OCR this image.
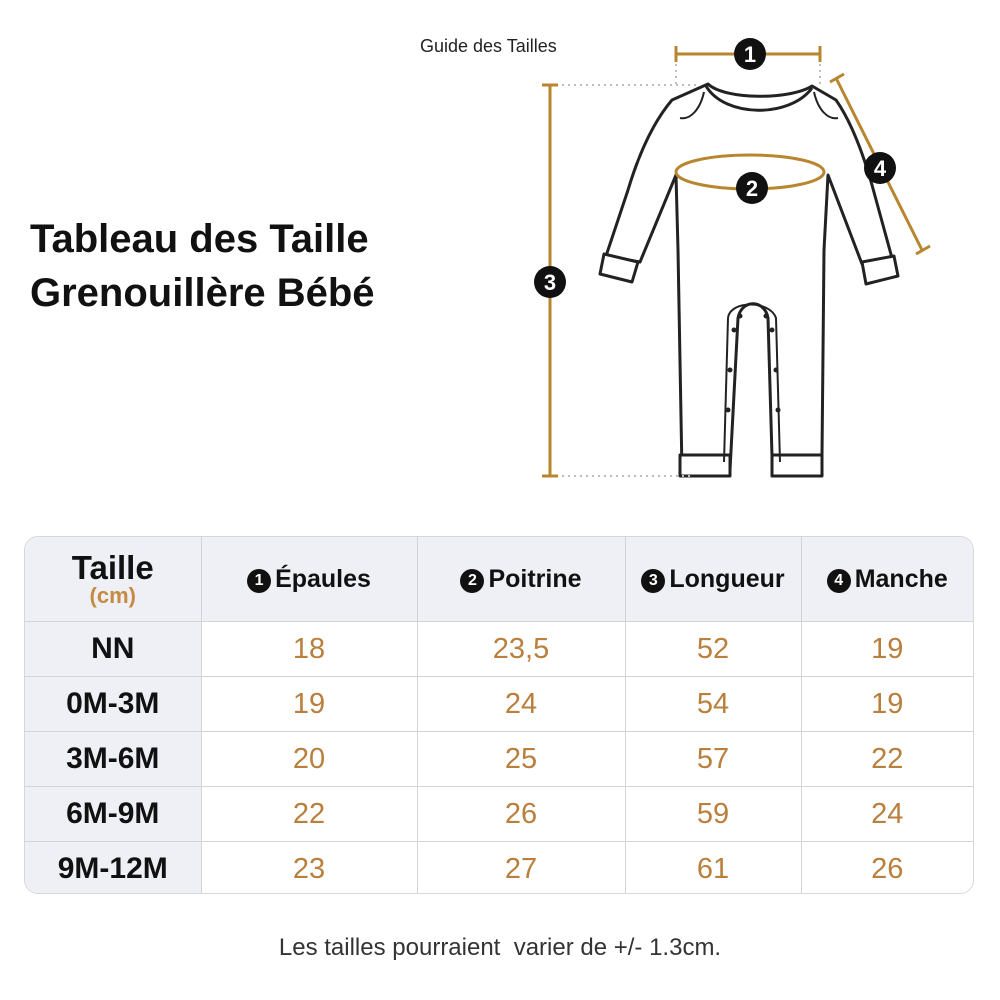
1
2
3
4
Guide des Tailles
Tableau des Taille
Grenouillère Bébé
Taille
(cm)	1 Épaules	2 Poitrine	3 Longueur	4 Manche
NN	18	23,5	52	19
0M-3M	19	24	54	19
3M-6M	20	25	57	22
6M-9M	22	26	59	24
9M-12M	23	27	61	26
Les tailles pourraient  varier de +/- 1.3cm.
